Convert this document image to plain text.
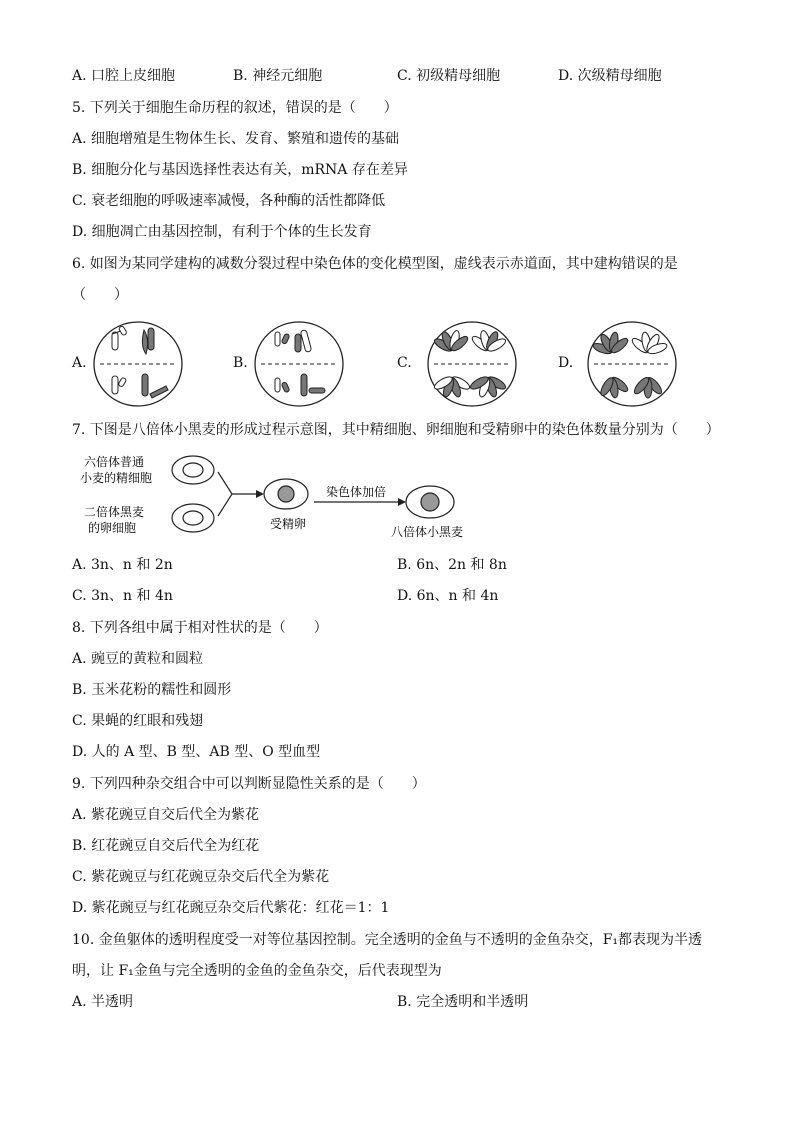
A. 口腔上皮细胞	B. 神经元细胞	C. 初级精母细胞	D. 次级精母细胞
5. 下列关于细胞生命历程的叙述，错误的是（　　）
A. 细胞增殖是生物体生长、发育、繁殖和遗传的基础
B. 细胞分化与基因选择性表达有关，mRNA 存在差异
C. 衰老细胞的呼吸速率减慢，各种酶的活性都降低
D. 细胞凋亡由基因控制，有利于个体的生长发育
6. 如图为某同学建构的减数分裂过程中染色体的变化模型图，虚线表示赤道面，其中建构错误的是
（　　）
A.	B.	C.	D.
7. 下图是八倍体小黑麦的形成过程示意图，其中精细胞、卵细胞和受精卵中的染色体数量分别为（　　）
六倍体普通
小麦的精细胞
二倍体黑麦
的卵细胞	受精卵
染色体加倍
八倍体小黑麦
A. 3n、n 和 2n	B. 6n、2n 和 8n
C. 3n、n 和 4n	D. 6n、n 和 4n
8. 下列各组中属于相对性状的是（　　）
A. 豌豆的黄粒和圆粒
B. 玉米花粉的糯性和圆形
C. 果蝇的红眼和残翅
D. 人的 A 型、B 型、AB 型、O 型血型
9. 下列四种杂交组合中可以判断显隐性关系的是（　　）
A. 紫花豌豆自交后代全为紫花
B. 红花豌豆自交后代全为红花
C. 紫花豌豆与红花豌豆杂交后代全为紫花
D. 紫花豌豆与红花豌豆杂交后代紫花：红花＝1：1
10. 金鱼躯体的透明程度受一对等位基因控制。完全透明的金鱼与不透明的金鱼杂交，F₁都表现为半透
明，让 F₁金鱼与完全透明的金鱼的金鱼杂交，后代表现型为
A. 半透明	B. 完全透明和半透明
